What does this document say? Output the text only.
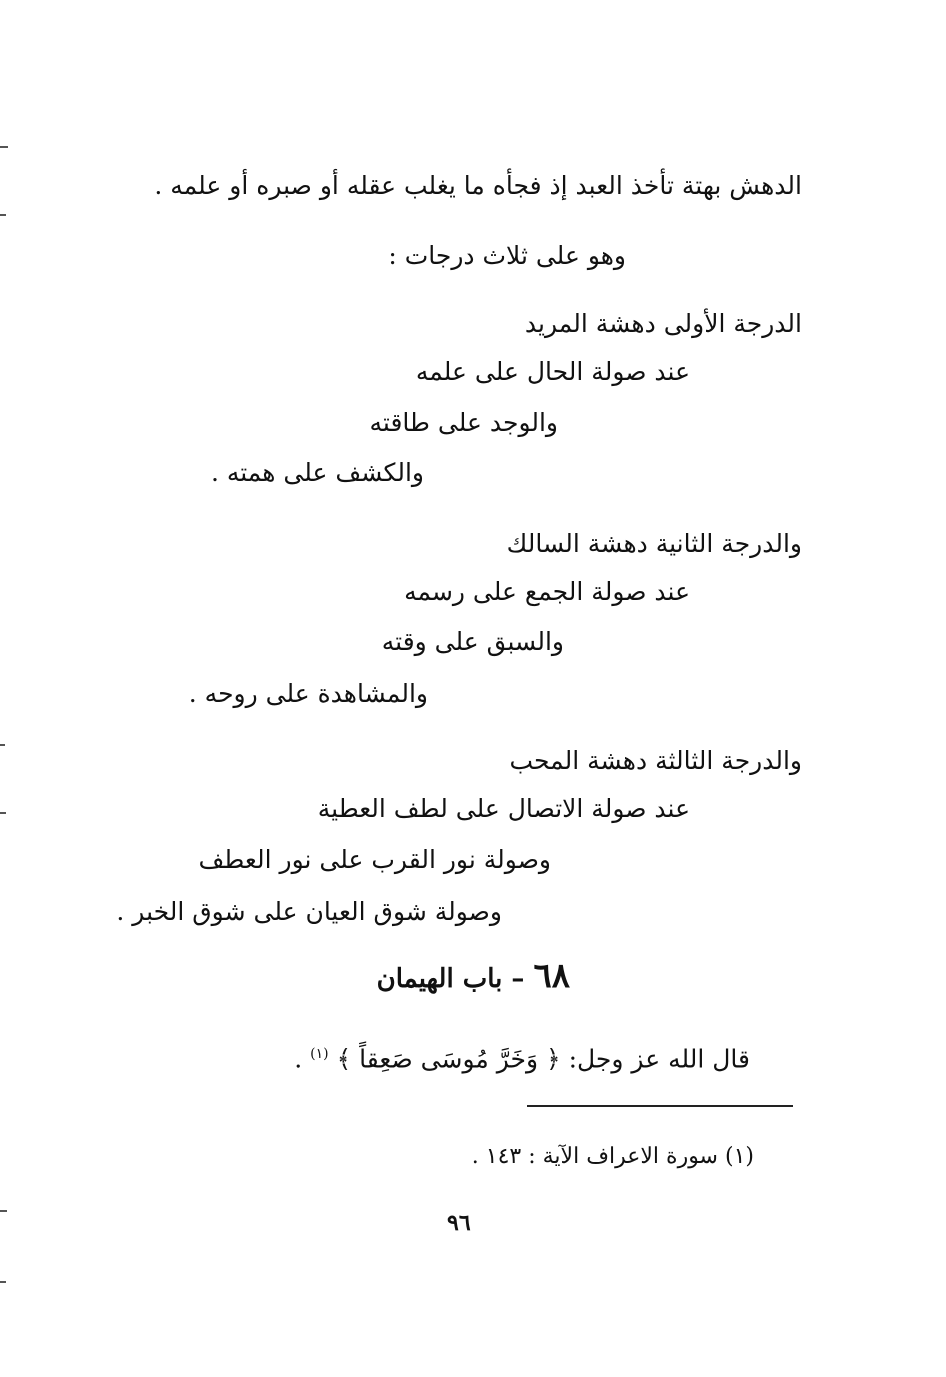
الدهش بهتة تأخذ العبد إذ فجأه ما يغلب عقله أو صبره أو علمه .
وهو على ثلاث درجات :
الدرجة الأولى دهشة المريد
عند صولة الحال على علمه
والوجد على طاقته
والكشف على همته .
والدرجة الثانية دهشة السالك
عند صولة الجمع على رسمه
والسبق على وقته
والمشاهدة على روحه .
والدرجة الثالثة دهشة المحب
عند صولة الاتصال على لطف العطية
وصولة نور القرب على نور العطف
وصولة شوق العيان على شوق الخبر .
٦٨ – باب الهيمان
قال الله عز وجل: ﴿ وَخَرَّ مُوسَى صَعِقاً ﴾ $^{(١)}$ .
(١) سورة الاعراف الآية : ١٤٣ .
٩٦
